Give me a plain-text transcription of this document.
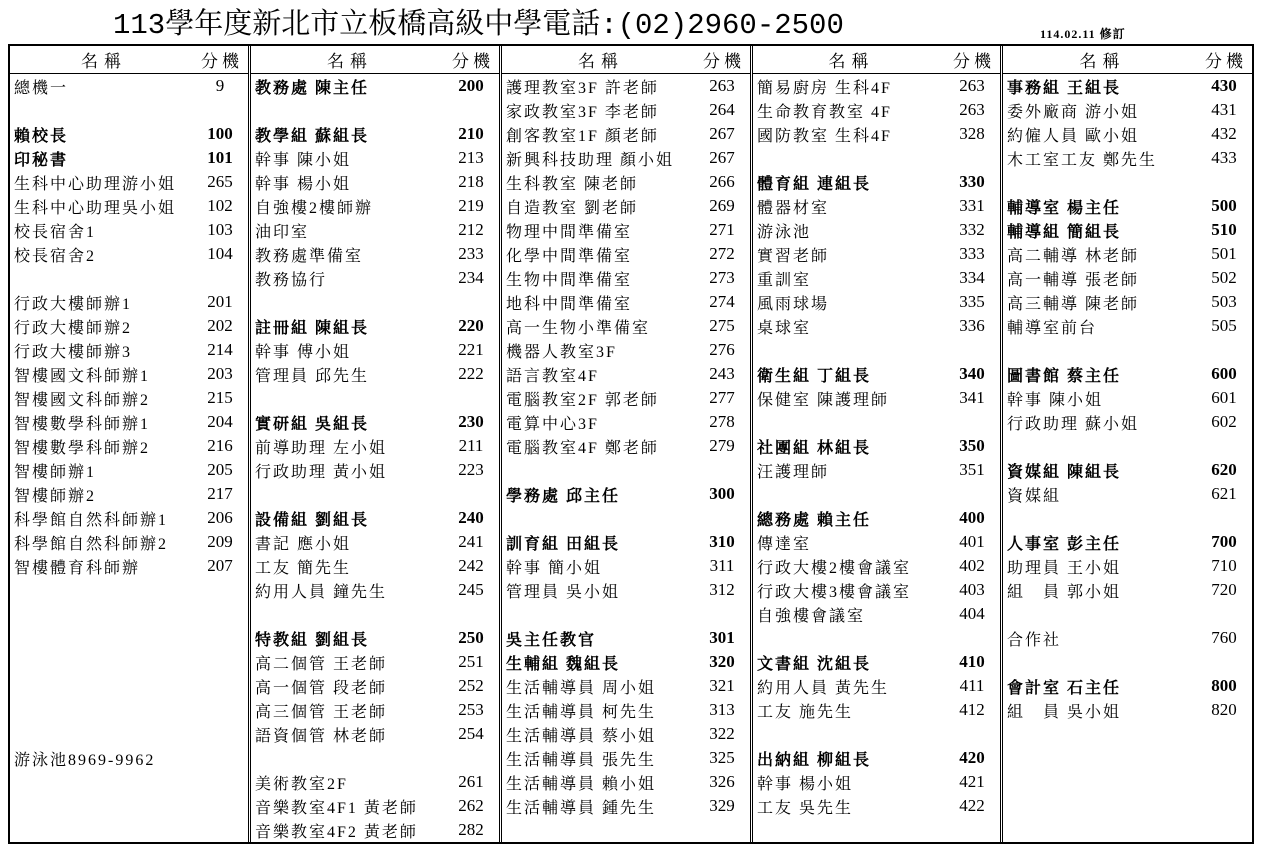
113學年度新北市立板橋高級中學電話:(02)2960-2500	114.02.11 修訂
名稱	分機
總機一	9
賴校長	100
印秘書	101
生科中心助理游小姐	265
生科中心助理吳小姐	102
校長宿舍1	103
校長宿舍2	104
行政大樓師辦1	201
行政大樓師辦2	202
行政大樓師辦3	214
智樓國文科師辦1	203
智樓國文科師辦2	215
智樓數學科師辦1	204
智樓數學科師辦2	216
智樓師辦1	205
智樓師辦2	217
科學館自然科師辦1	206
科學館自然科師辦2	209
智樓體育科師辦	207
游泳池8969-9962
名稱	分機
教務處 陳主任	200
教學組 蘇組長	210
幹事 陳小姐	213
幹事 楊小姐	218
自強樓2樓師辦	219
油印室	212
教務處準備室	233
教務協行	234
註冊組 陳組長	220
幹事 傅小姐	221
管理員 邱先生	222
實研組 吳組長	230
前導助理 左小姐	211
行政助理 黃小姐	223
設備組 劉組長	240
書記 應小姐	241
工友 簡先生	242
約用人員 鐘先生	245
特教組 劉組長	250
高二個管 王老師	251
高一個管 段老師	252
高三個管 王老師	253
語資個管 林老師	254
美術教室2F	261
音樂教室4F1 黃老師	262
音樂教室4F2 黃老師	282
名稱	分機
護理教室3F 許老師	263
家政教室3F 李老師	264
創客教室1F 顏老師	267
新興科技助理 顏小姐	267
生科教室 陳老師	266
自造教室 劉老師	269
物理中間準備室	271
化學中間準備室	272
生物中間準備室	273
地科中間準備室	274
高一生物小準備室	275
機器人教室3F	276
語言教室4F	243
電腦教室2F 郭老師	277
電算中心3F	278
電腦教室4F 鄭老師	279
學務處 邱主任	300
訓育組 田組長	310
幹事 簡小姐	311
管理員 吳小姐	312
吳主任教官	301
生輔組 魏組長	320
生活輔導員 周小姐	321
生活輔導員 柯先生	313
生活輔導員 蔡小姐	322
生活輔導員 張先生	325
生活輔導員 賴小姐	326
生活輔導員 鍾先生	329
名稱	分機
簡易廚房 生科4F	263
生命教育教室 4F	263
國防教室 生科4F	328
體育組 連組長	330
體器材室	331
游泳池	332
實習老師	333
重訓室	334
風雨球場	335
桌球室	336
衛生組 丁組長	340
保健室 陳護理師	341
社團組 林組長	350
汪護理師	351
總務處 賴主任	400
傳達室	401
行政大樓2樓會議室	402
行政大樓3樓會議室	403
自強樓會議室	404
文書組 沈組長	410
約用人員 黃先生	411
工友 施先生	412
出納組 柳組長	420
幹事 楊小姐	421
工友 吳先生	422
名稱	分機
事務組 王組長	430
委外廠商 游小姐	431
約僱人員 歐小姐	432
木工室工友 鄭先生	433
輔導室 楊主任	500
輔導組 簡組長	510
高二輔導 林老師	501
高一輔導 張老師	502
高三輔導 陳老師	503
輔導室前台	505
圖書館 蔡主任	600
幹事 陳小姐	601
行政助理 蘇小姐	602
資媒組 陳組長	620
資媒組	621
人事室 彭主任	700
助理員 王小姐	710
組　員 郭小姐	720
合作社	760
會計室 石主任	800
組　員 吳小姐	820
